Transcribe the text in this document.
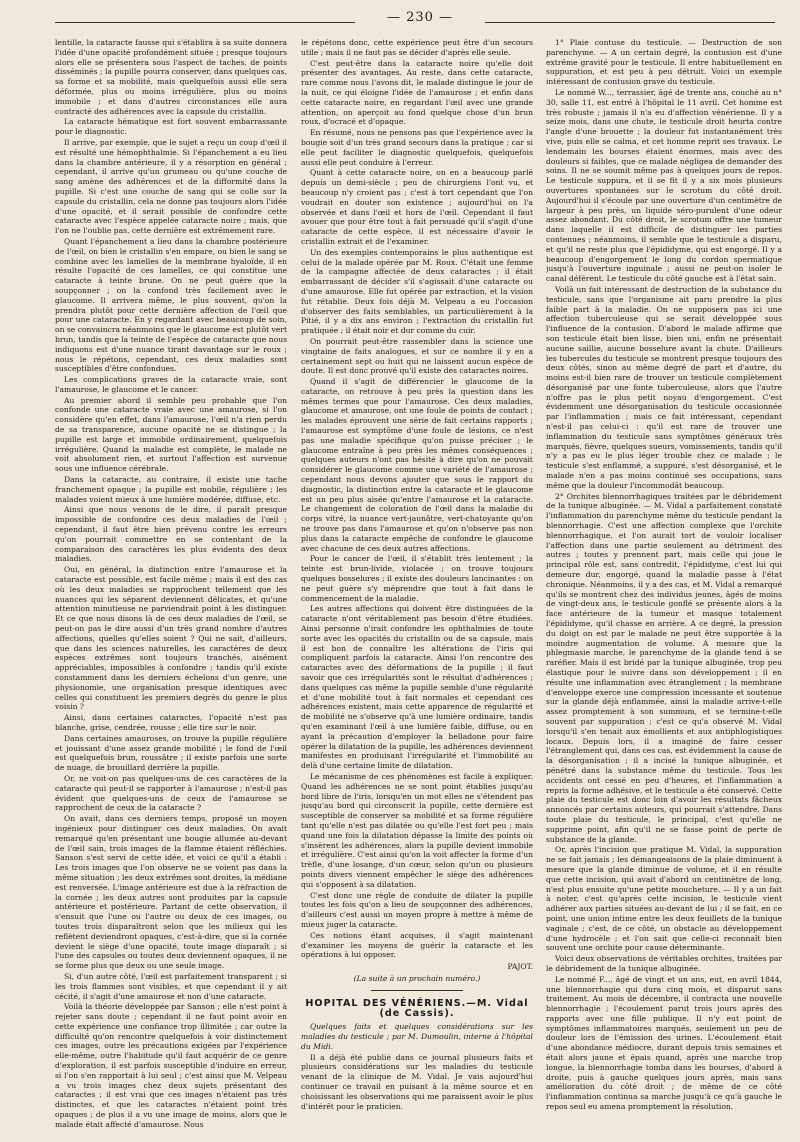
— 230 —

lentille, la cataracte fausse qui s'établira à sa suite donnera l'idée d'une opacité profondément située ; presque toujours alors elle se présentera sous l'aspect de taches, de points disséminés ; la pupille pourra conserver, dans quelques cas, sa forme et sa mobilité, mais quelquefois aussi elle sera déformée, plus ou moins irrégulière, plus ou moins immobile ; et dans d'autres circonstances elle aura contracté des adhérences avec la capsule du cristallin.

La cataracte hématique est fort souvent embarrassante pour le diagnostic.

Il arrive, par exemple, que le sujet a reçu un coup d'œil il est résulté une hémophthalmie. Si l'épanchement a eu lieu dans la chambre antérieure, il y a résorption en général ; cependant, il arrive qu'un grumeau ou qu'une couche de sang amène des adhérences et de la difformité dans la pupille. Si c'est une couche de sang qui se colle sur la capsule du cristallin, cela ne donne pas toujours alors l'idée d'une opacité, et il serait possible de confondre cette cataracte avec l'espèce appelée cataracte noire ; mais, que l'on ne l'oublie pas, cette dernière est extrêmement rare.

Quant l'épanchement a lieu dans la chambre postérieure de l'œil, on bien le cristallin s'en empare, ou bien le sang se combine avec les lamelles de la membrane hyaloïde, il en résulte l'opacité de ces lamelles, ce qui constitue une cataracte à teinte brune. On ne peut guère que la soupçonner ; on la confond très facilement avec le glaucome. Il arrivera même, le plus souvent, qu'on la prendra plutôt pour cette dernière affection de l'œil que pour une cataracte. En y regardant avec beaucoup de soin, on se convaincra néanmoins que le glaucome est plutôt vert brun, tandis que la teinte de l'espèce de cataracte que nous indiquons est d'une nuance tirant davantage sur le roux ; nous le répétons, cependant, ces deux maladies sont susceptibles d'être confondues.

Les complications graves de la cataracte vraie, sont l'amaurose, le glaucome et le cancer.

Au premier abord il semble peu probable que l'on confonde une cataracte vraie avec une amaurose, si l'on considère qu'en effet, dans l'amaurose, l'œil n'a rien perdu de sa transparence, aucune opacité ne se distingue ; la pupille est large et immobile ordinairement, quelquefois irrégulière. Quand la maladie est complète, le malade ne voit absolument rien, et surtout l'affection est survenue sous une influence cérébrale.

Dans la cataracte, au contraire, il existe une tache franchement opaque ; la pupille est mobile, régulière ; les malades voient mieux à une lumière modérée, diffuse, etc.

Ainsi que nous venons de le dire, il paraît presque impossible de confondre ces deux maladies de l'œil ; cependant, il faut être bien prévenu contre les erreurs qu'on pourrait commettre en se contentant de la comparaison des caractères les plus évidents des deux maladies.

Oui, en général, la distinction entre l'amaurose et la cataracte est possible, est facile même ; mais il est des cas où les deux maladies se rapprochent tellement que les nuances qui les séparent deviennent délicates, et qu'une attention minutieuse ne parviendrait point à les distinguer. Et ce que nous disons là de ces deux maladies de l'œil, se peut-on pas le dire aussi d'un très grand nombre d'autres affections, quelles qu'elles soient ? Qui ne sait, d'ailleurs, que dans les sciences naturelles, les caractères de deux espèces extrêmes sont toujours tranchés, aisément appréciables, impossibles à confondre ; tandis qu'il existe constamment dans les derniers échelons d'un genre, une physionomie, une organisation presque identiques avec celles qui constituent les premiers degrés du genre le plus voisin ?

Ainsi, dans certaines cataractes, l'opacité n'est pas blanche, grise, cendrée, rousse ; elle tire sur le noir.

Dans certaines amauroses, on trouve la pupille régulière et jouissant d'une assez grande mobilité ; le fond de l'œil est quelquefois brun, roussâtre ; il existe parfois une sorte de nuage, de brouillard derrière la pupille.

Or, ne voit-on pas quelques-uns de ces caractères de la cataracte qui peut-il se rapporter à l'amaurose ; n'est-il pas évident que quelques-uns de ceux de l'amaurose se rapprochent de ceux de la cataracte ?

On avait, dans ces derniers temps, proposé un moyen ingénieux pour distinguer ces deux maladies. On avait remarqué qu'en présentant une bougie allumée au-devant de l'œil sain, trois images de la flamme étaient réfléchies. Sanson s'est servi de cette idée, et voici ce qu'il a établi : Les trois images que l'on observe ne se voient pas dans la même situation ; les deux extrêmes sont droites, la médiane est renversée. L'image antérieure est due à la réfraction de la cornée ; les deux autres sont produites par la capsule antérieure et postérieure. Partant de cette observation, il s'ensuit que l'une ou l'autre ou deux de ces images, ou toutes trois disparaîtront selon que les milieux qui les reflètent deviendront opaques, c'est-à-dire, que si la cornée devient le siège d'une opacité, toute image disparaît ; si l'une des capsules ou toutes deux deviennent opaques, il ne se forme plus que deux ou une seule image.

Si, d'un autre côté, l'œil est parfaitement transparent ; si les trois flammes sont visibles, et que cependant il y ait cécité, il s'agit d'une amaurose et non d'une cataracte.

Voilà la théorie développée par Sanson ; elle n'est point à rejeter sans doute ; cependant il ne faut point avoir en cette expérience une confiance trop illimitée ; car outre la difficulté qu'on rencontre quelquefois à voir distinctement ces images, outre les précautions exigées par l'expérience elle-même, outre l'habitude qu'il faut acquérir de ce genre d'exploration, il est parfois susceptible d'induire en erreur, si l'on s'en rapportait à lui seul ; c'est ainsi que M. Velpeau a vu trois images chez deux sujets présentant des cataractes ; il est vrai que ces images n'étaient pas très distinctes, et que les cataractes n'étaient point très opaques ; de plus il a vu une image de moins, alors que le malade était affecté d'amaurose. Nous

le répétons donc, cette expérience peut être d'un secours utile ; mais il ne faut pas se décider d'après elle seule.

C'est peut-être dans la cataracte noire qu'elle doit présenter des avantages. Au reste, dans cette cataracte, rare comme nous l'avons dit, le malade distingue le jour de la nuit, ce qui éloigne l'idée de l'amaurose ; et enfin dans cette cataracte noire, en regardant l'œil avec une grande attention, on aperçoit au fond quelque chose d'un brun roux, d'ocracé et d'opaque.

En résumé, nous ne pensons pas que l'expérience avec la bougie soit d'un très grand secours dans la pratique ; car si elle peut faciliter le diagnostic quelquefois, quelquefois aussi elle peut conduire à l'erreur.

Quant à cette cataracte noire, on en a beaucoup parlé depuis un demi-siècle ; peu de chirurgiens l'ont vu, et beaucoup n'y croient pas ; c'est à tort cependant que l'on voudrait en douter son existence ; aujourd'hui on l'a observée et dans l'œil et hors de l'œil. Cependant il faut avouer que pour être tout à fait persuadé qu'il s'agit d'une cataracte de cette espèce, il est nécessaire d'avoir le cristallin extrait et de l'examiner.

Un des exemples contemporains le plus authentique est celui de la malade opérée par M. Roux. C'était une femme de la campagne affectée de deux cataractes ; il était embarrassant de décider s'il s'agissait d'une cataracte ou d'une amaurose. Elle fut opérée par extraction, et la vision fut rétablie. Deux fois déjà M. Velpeau a eu l'occasion d'observer des faits semblables, un particulièrement à la Pitié, il y a dix ans environ ; l'extraction du cristallin fut pratiquée ; il était noir et dur comme du cuir.

On pourrait peut-être rassembler dans la science une vingtaine de faits analogues, et sur ce nombre il y en a certainement sept ou huit qui ne laissent aucun espèce de doute. Il est donc prouvé qu'il existe des cataractes noires.

Quand il s'agit de différencier le glaucome de la cataracte, on retrouve à peu près la question dans les mêmes termes que pour l'amaurose. Ces deux maladies, glaucome et amaurose, ont une foule de points de contact ; les malades éprouvent une série de fait certains rapports ; l'amaurose est symptôme d'une foule de lésions, ce n'est pas une maladie spécifique qu'on puisse préciser ; le glaucome entraîne à peu près les mêmes conséquences ; quelques auteurs n'ont pas hésité à dire qu'on ne pouvait considérer le glaucome comme une variété de l'amaurose ; cependant nous devons ajouter que sous le rapport du diagnostic, la distinction entre la cataracte et le glaucome est un peu plus aisée qu'entre l'amaurose et la cataracte. Le changement de coloration de l'œil dans la maladie du corps vitré, la nuance vert-jaunâtre, vert-chatoyante qu'on ne trouve pas dans l'amaurose et qu'on n'observe pas non plus dans la cataracte empêche de confondre le glaucome avec chacune de ces deux autres affections.

Pour le cancer de l'œil, il s'établit très lentement ; la teinte est brun-livide, violacée ; on trouve toujours quelques bosselures ; il existe des douleurs lancinantes : on ne peut guère s'y méprendre que tout à fait dans le commencement de la maladie.

Les autres affections qui doivent être distinguées de la cataracte n'ont véritablement pas besoin d'être étudiées. Ainsi personne n'irait confondre les ophthalmies de toute sorte avec les opacités du cristallin ou de sa capsule, mais il est bon de connaître les altérations de l'iris qui compliquent parfois la cataracte. Ainsi l'on rencontre des cataractes avec des déformations de la pupille ; il faut savoir que ces irrégularités sont le résultat d'adhérences ; dans quelques cas même la pupille semble d'une régularité et d'une mobilité tout à fait normales et cependant ces adhérences existent, mais cette apparence de régularité et de mobilité ne s'observe qu'à une lumière ordinaire, tandis qu'en examinant l'œil à une lumière faible, diffuse, ou en ayant la précaution d'employer la belladone pour faire opérer la dilatation de la pupille, les adhérences deviennent manifestes en produisant l'irrégularité et l'immobilité au delà d'une certaine limite de dilatation.

Le mécanisme de ces phénomènes est facile à expliquer. Quand les adhérences ne se sont point établies jusqu'au bord libre de l'iris, lorsqu'en un mot elles ne s'étendent pas jusqu'au bord qui circonscrit la pupille, cette dernière est susceptible de conserver sa mobilité et sa forme régulière tant qu'elle n'est pas dilatée ou qu'elle l'est fort peu ; mais quand une fois la dilatation dépasse la limite des points où s'insèrent les adhérences, alors la pupille devient immobile et irrégulière. C'est ainsi qu'on la voit affecter la forme d'un trèfle, d'une losange, d'un cœur, selon qu'un ou plusieurs points divers viennent empêcher le siège des adhérences qui s'opposent à sa dilatation.

C'est donc une règle de conduite de dilater la pupille toutes les fois qu'on a lieu de soupçonner des adhérences, d'ailleurs c'est aussi un moyen propre à mettre à même de mieux juger la cataracte.

Ces notions étant acquises, il s'agit maintenant d'examiner les moyens de guérir la cataracte et les opérations à lui opposer.

PAJOT.
(La suite à un prochain numéro.)
HOPITAL DES VÉNÉRIENS.—M. Vidal (de Cassis).

Quelques faits et quelques considérations sur les maladies du testicule ; par M. Dumoulin, interne à l'hôpital du Midi.

Il a déjà été publié dans ce journal plusieurs faits et plusieurs considérations sur les maladies du testicule venant de la clinique de M. Vidal. Je vais aujourd'hui continuer ce travail en puisant à la même source et en choisissant les observations qui me paraissent avoir le plus d'intérêt pour le praticien.

1° Plaie contuse du testicule. — Destruction de son parenchyme. — A un certain degré, la contusion est d'une extrême gravité pour le testicule. Il entre habituellement en suppuration, et est peu à peu détruit. Voici un exemple intéressant de contusion grave du testicule.

Le nommé W..., terrassier, âgé de trente ans, couché au n° 30, salle 11, est entré à l'hôpital le 11 avril. Cet homme est très robuste ; jamais il n'a eu d'affection vénérienne. Il y a seize mois, dans une chute, le testicule droit heurta contre l'angle d'une brouette ; la douleur fut instantanément très vive, puis elle se calma, et cet homme reprit ses travaux. Le lendemain les bourses étaient énormes, mais avec des douleurs si faibles, que ce malade négligea de demander des soins. Il ne se soumit même pas à quelques jours de repos. Le testicule suppura, et il se fit il y a six mois plusieurs ouvertures spontanées sur le scrotum du côté droit. Aujourd'hui il s'écoule par une ouverture d'un centimètre de largeur à peu près, un liquide séro-purulent d'une odeur assez abondant. Du côté droit, le scrotum offre une tumeur dans laquelle il est difficile de distinguer les parties contenues ; néanmoins, il semble que le testicule a disparu, et qu'il ne reste plus que l'épididyme, qui est engorgé. Il y a beaucoup d'engorgement le long du cordon spermatique jusqu'à l'ouverture inguinale ; aussi ne peut-on isoler le canal déférent. Le testicule du côté gauche est à l'état sain.

Voilà un fait intéressant de destruction de la substance du testicule, sans que l'organisme ait paru prendre la plus faible part à la maladie. On ne supposera pas ici une affection tuberculeuse qui se serait développée sous l'influence de la contusion. D'abord le malade affirme que son testicule était bien lisse, bien uni, enfin ne présentait aucune saillie, aucune bosselure avant la chute. D'ailleurs les tubercules du testicule se montrent presque toujours des deux côtés, sinon au même degré de part et d'autre, du moins est-il bien rare de trouver un testicule complètement désorganisé par une fonte tuberculeuse, alors que l'autre n'offre pas le plus petit noyau d'engorgement. C'est évidemment une désorganisation du testicule occasionnée par l'inflammation ; mais ce fait intéressant, cependant n'est-il pas celui-ci : qu'il est rare de trouver une inflammation du testicule sans symptômes généraux très marqués, fièvre, quelques sueurs, vomissements, tandis qu'il n'y a pas eu le plus léger trouble chez ce malade ; le testicule s'est enflammé, a suppuré, s'est désorganisé, et le malade n'en a pas moins continué ses occupations, sans même que la douleur l'incommodât beaucoup.

2° Orchites blennorrhagiques traitées par le débridement de la tunique albuginée. — M. Vidal a parfaitement constaté l'inflammation du parenchyme même du testicule pendant la blennorrhagie. C'est une affection complexe que l'orchite blennorrhagique, et l'on aurait tort de vouloir localiser l'affection dans une partie seulement au détriment des autres ; toutes y prennent part, mais celle qui joue le principal rôle est, sans contredit, l'épididyme, c'est lui qui demeure dur, engorgé, quand la maladie passe à l'état chronique. Néanmoins, il y a des cas, et M. Vidal a remarqué qu'ils se montrent chez des individus jeunes, âgés de moins de vingt-deux ans, le testicule gonflé se présente alors à la face antérieure de la tumeur et masque totalement l'épididyme, qu'il chasse en arrière. A ce degré, la pression du doigt on est par le malade ne peut être supportée à la moindre augmentation de volume. A mesure que la phlegmasie marche, le parenchyme de la glande tend à se raréfier. Mais il est bridé par la tunique albuginée, trop peu élastique pour le suivre dans son développement ; il en résulte une inflammation avec étranglement ; la membrane d'enveloppe exerce une compression incessante et soutenue sur la glande déjà enflammée, ainsi la maladie arrive-t-elle assez promptement à son summum, et se termine-t-elle souvent par suppuration ; c'est ce qu'a observé M. Vidal lorsqu'il s'en tenait aux émollients et aux antiphlogistiques locaux. Depuis lors, il a imaginé de faire cesser l'étranglement qui, dans ces cas, est évidemment la cause de la désorganisation ; il a incisé la tunique albuginée, et pénétré dans la substance même du testicule. Tous les accidents ont cessé en peu d'heures, et l'inflammation a repris la forme adhésive, et le testicule a été conservé. Cette plaie du testicule est donc loin d'avoir les résultats fâcheux annoncés par certains auteurs, qui pourrait s'attendre. Dans toute plaie du testicule, le principal, c'est qu'elle ne supprime point, afin qu'il ne se fasse point de perte de substance de la glande.

Or, après l'incision que pratique M. Vidal, la suppuration ne se fait jamais ; les démangeaisons de la plaie diminuent à mesure que la glande diminue de volume, et il en résulte que cette incision, qui avait d'abord un centimètre de long, n'est plus ensuite qu'une petite moucheture. — Il y a un fait à noter, c'est qu'après cette incision, le testicule vient adhérer aux parties situées au-devant de lui ; il se fait, en ce point, une union intime entre les deux feuillets de la tunique vaginale ; c'est, de ce côté, un obstacle au développement d'une hydrocèle ; et l'on sait que celle-ci reconnaît bien souvent une orchite pour cause déterminante.

Voici deux observations de véritables orchites, traitées par le débridement de la tunique albuginée.

Le nommé F..., âgé de vingt et un ans, eut, en avril 1844, une blennorrhagie qui dura cinq mois, et disparut sans traitement. Au mois de décembre, il contracta une nouvelle blennorrhagie ; l'écoulement parut trois jours après des rapports avec une fille publique. Il n'y eut point de symptômes inflammatoires marqués, seulement un peu de douleur lors de l'émission des urines. L'écoulement était d'une abondance médiocre, durant depuis trois semaines et était alors jaune et épais quand, après une marche trop longue, la blennorrhagie tomba dans les bourses, d'abord à droite, puis à gauche quelques jours après, mais sans amélioration du côté droit ; de même de ce côté l'inflammation continua sa marche jusqu'à ce qu'à gauche le repos seul eu amena promptement la résolution.
